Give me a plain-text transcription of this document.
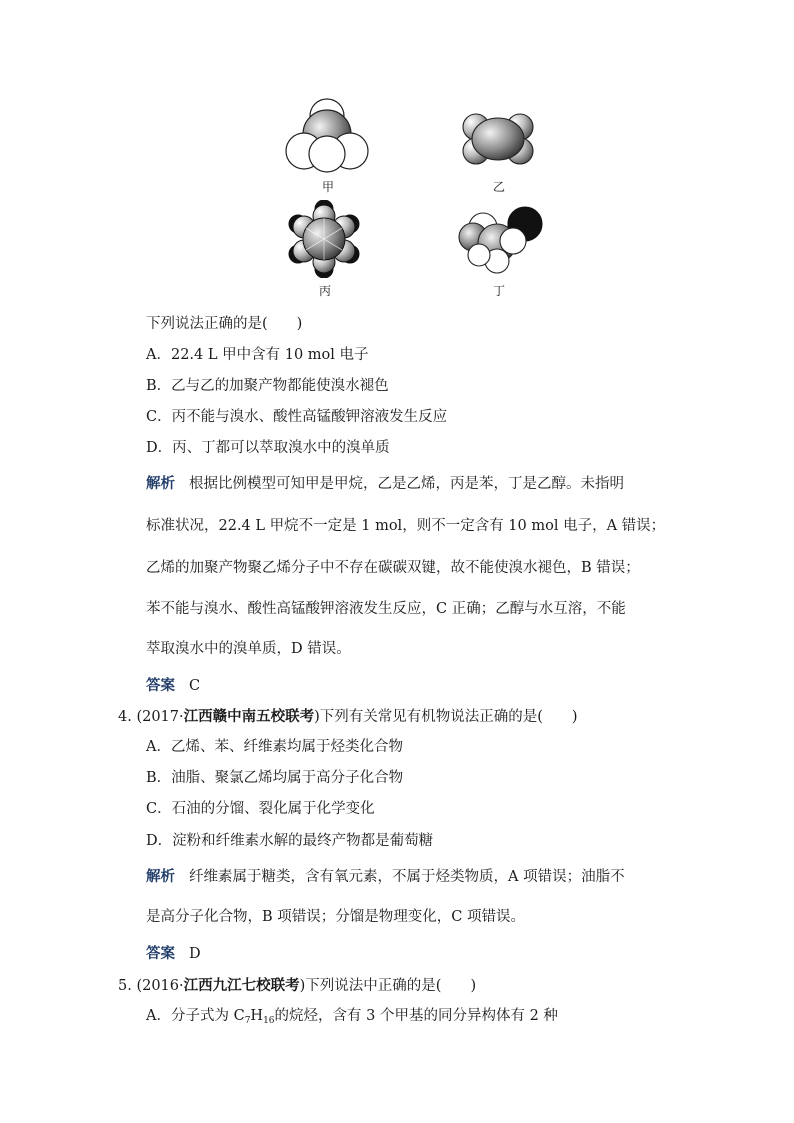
甲	乙
丙	丁
下列说法正确的是(　　)
A．22.4 L 甲中含有 10 mol 电子
B．乙与乙的加聚产物都能使溴水褪色
C．丙不能与溴水、酸性高锰酸钾溶液发生反应
D．丙、丁都可以萃取溴水中的溴单质
解析 根据比例模型可知甲是甲烷，乙是乙烯，丙是苯，丁是乙醇。未指明
标准状况，22.4 L 甲烷不一定是 1 mol，则不一定含有 10 mol 电子，A 错误；
乙烯的加聚产物聚乙烯分子中不存在碳碳双键，故不能使溴水褪色，B 错误；
苯不能与溴水、酸性高锰酸钾溶液发生反应，C 正确；乙醇与水互溶，不能
萃取溴水中的溴单质，D 错误。
答案 C
4. (2017·江西赣中南五校联考)下列有关常见有机物说法正确的是(　　)
A．乙烯、苯、纤维素均属于烃类化合物
B．油脂、聚氯乙烯均属于高分子化合物
C．石油的分馏、裂化属于化学变化
D．淀粉和纤维素水解的最终产物都是葡萄糖
解析 纤维素属于糖类，含有氧元素，不属于烃类物质，A 项错误；油脂不
是高分子化合物，B 项错误；分馏是物理变化，C 项错误。
答案 D
5. (2016·江西九江七校联考)下列说法中正确的是(　　)
A．分子式为 $C_7H_{16}$的烷烃，含有 3 个甲基的同分异构体有 2 种
